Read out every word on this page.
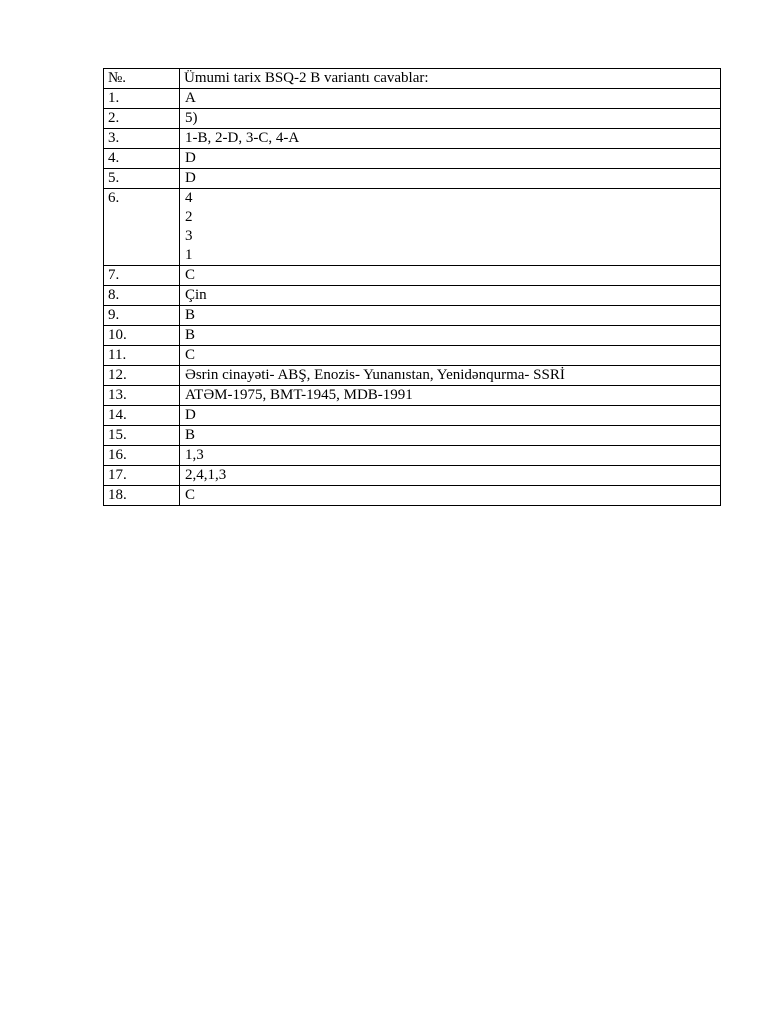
№.	Ümumi tarix BSQ-2 B variantı cavablar:
1.	A

2.	5)

3.	1-B, 2-D, 3-C, 4-A

4.	D

5.	D

6.	4
2
3
1

7.	C

8.	Çin

9.	B

10.	B

11.	C

12.	Əsrin cinayəti- ABŞ, Enozis- Yunanıstan, Yenidənqurma- SSRİ

13.	ATƏM-1975, BMT-1945, MDB-1991

14.	D

15.	B

16.	1,3

17.	2,4,1,3

18.	C
